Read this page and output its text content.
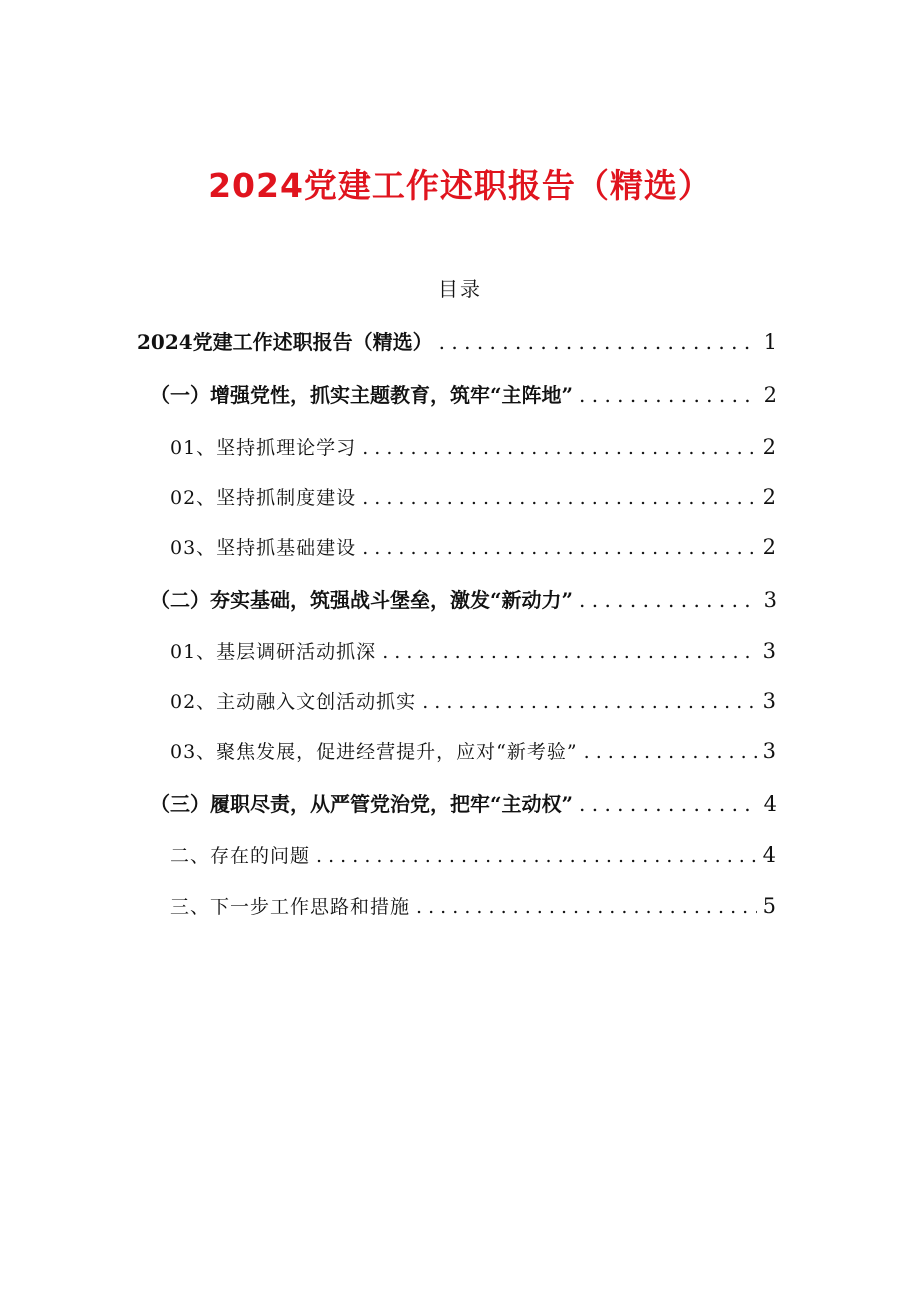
2024党建工作述职报告（精选）
目录
2024党建工作述职报告（精选） . . .	1
（一）增强党性，抓实主题教育，筑牢“主阵地” . . .	2
01、坚持抓理论学习 . . .	2
02、坚持抓制度建设 . . .	2
03、坚持抓基础建设 . . .	2
（二）夯实基础，筑强战斗堡垒，激发“新动力” . . .	3
01、基层调研活动抓深 . . .	3
02、主动融入文创活动抓实 . . .	3
03、聚焦发展，促进经营提升，应对“新考验” . . .	3
（三）履职尽责，从严管党治党，把牢“主动权” . . .	4
二、存在的问题 . . .	4
三、下一步工作思路和措施 . . .	5
